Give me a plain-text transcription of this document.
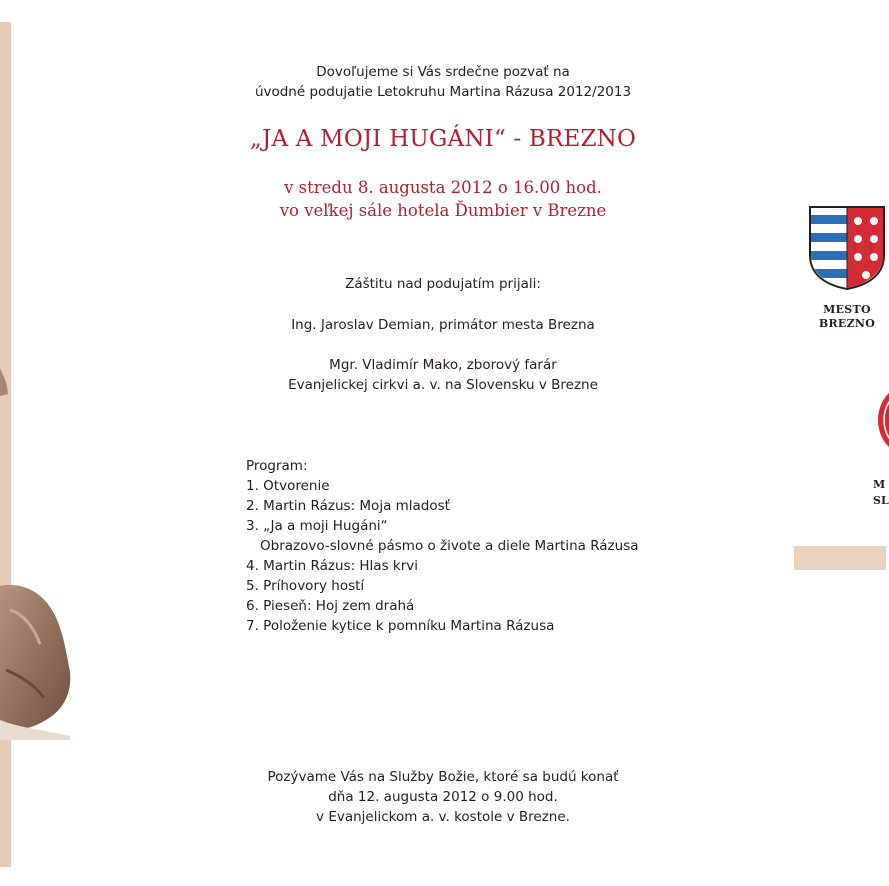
MESTO
BREZNO
M
SL
Dovoľujeme si Vás srdečne pozvať na
úvodné podujatie Letokruhu Martina Rázusa 2012/2013
„JA A MOJI HUGÁNI“ - BREZNO
v stredu 8. augusta 2012 o 16.00 hod.
vo veľkej sále hotela Ďumbier v Brezne
Záštitu nad podujatím prijali:
Ing. Jaroslav Demian, primátor mesta Brezna
Mgr. Vladimír Mako, zborový farár
Evanjelickej cirkvi a. v. na Slovensku v Brezne
Program:
1. Otvorenie
2. Martin Rázus: Moja mladosť
3. „Ja a moji Hugáni“
Obrazovo-slovné pásmo o živote a diele Martina Rázusa
4. Martin Rázus: Hlas krvi
5. Príhovory hostí
6. Pieseň: Hoj zem drahá
7. Položenie kytice k pomníku Martina Rázusa
Pozývame Vás na Služby Božie, ktoré sa budú konať
dňa 12. augusta 2012 o 9.00 hod.
v Evanjelickom a. v. kostole v Brezne.
